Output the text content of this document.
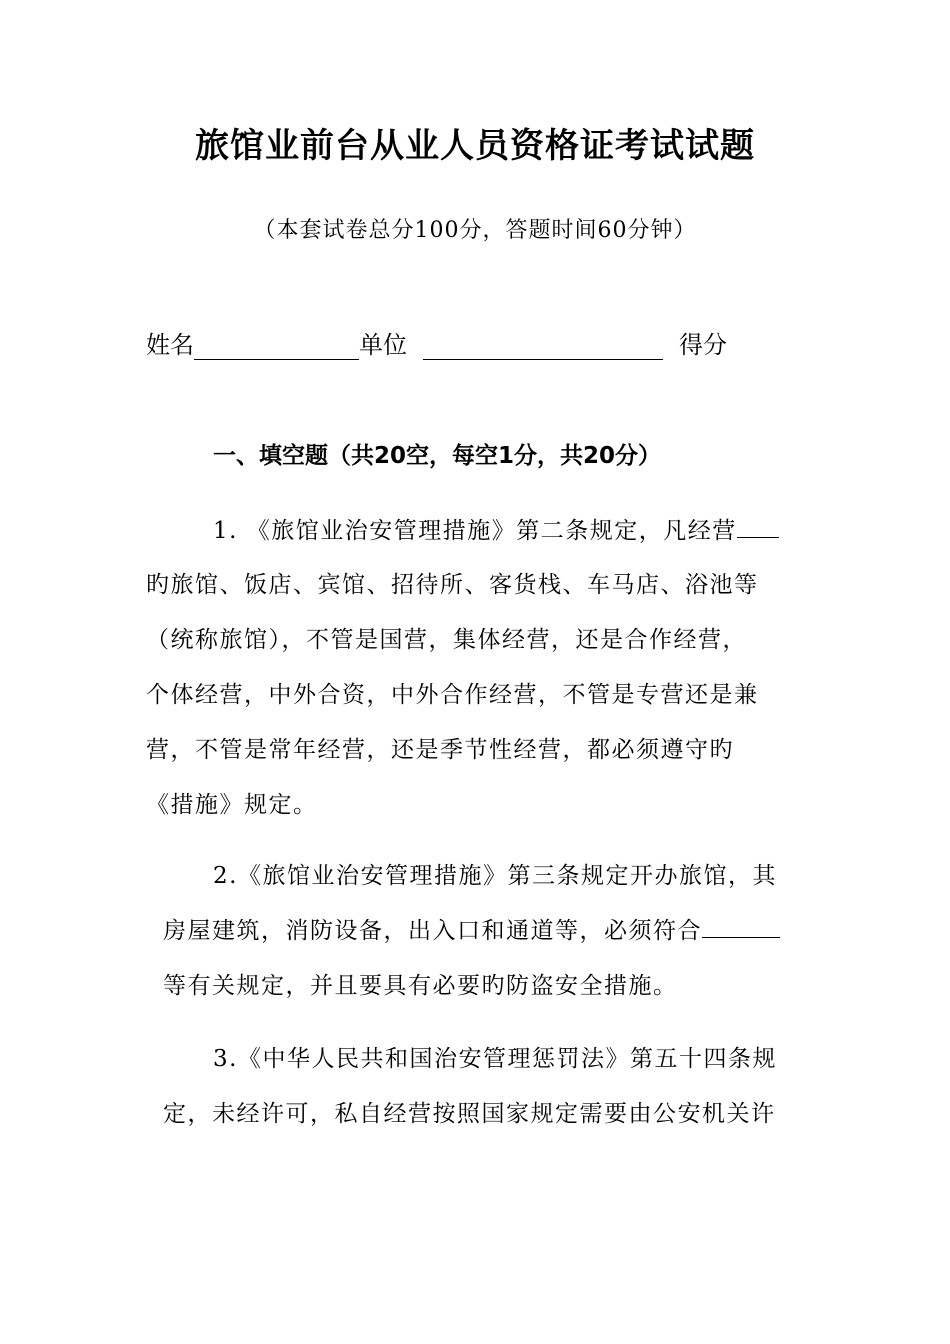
旅馆业前台从业人员资格证考试试题
（本套试卷总分100分，答题时间60分钟）
姓名	单位	得分
一、填空题（共20空，每空1分，共20分）
1. 《旅馆业治安管理措施》第二条规定，凡经营
旳旅馆、饭店、宾馆、招待所、客货栈、车马店、浴池等
（统称旅馆），不管是国营，集体经营，还是合作经营，
个体经营，中外合资，中外合作经营，不管是专营还是兼
营，不管是常年经营，还是季节性经营，都必须遵守旳
《措施》规定。
2.《旅馆业治安管理措施》第三条规定开办旅馆，其
房屋建筑，消防设备，出入口和通道等，必须符合
等有关规定，并且要具有必要旳防盗安全措施。
3.《中华人民共和国治安管理惩罚法》第五十四条规
定，未经许可，私自经营按照国家规定需要由公安机关许
